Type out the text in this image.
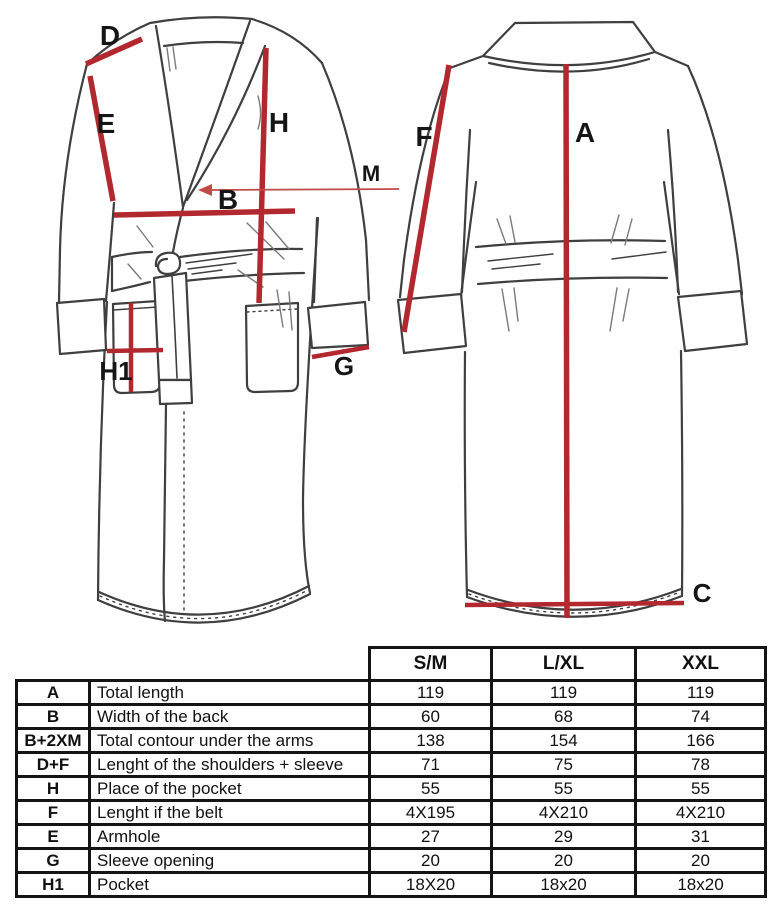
D
E	H
M
B
G
H1
F	A
C
		S/M	L/XL	XXL
A	Total length	119	119	119
B	Width of the back	60	68	74
B+2XM	Total contour under the arms	138	154	166
D+F	Lenght of the shoulders + sleeve	71	75	78
H	Place of the pocket	55	55	55
F	Lenght if the belt	4X195	4X210	4X210
E	Armhole	27	29	31
G	Sleeve opening	20	20	20
H1	Pocket	18X20	18x20	18x20
